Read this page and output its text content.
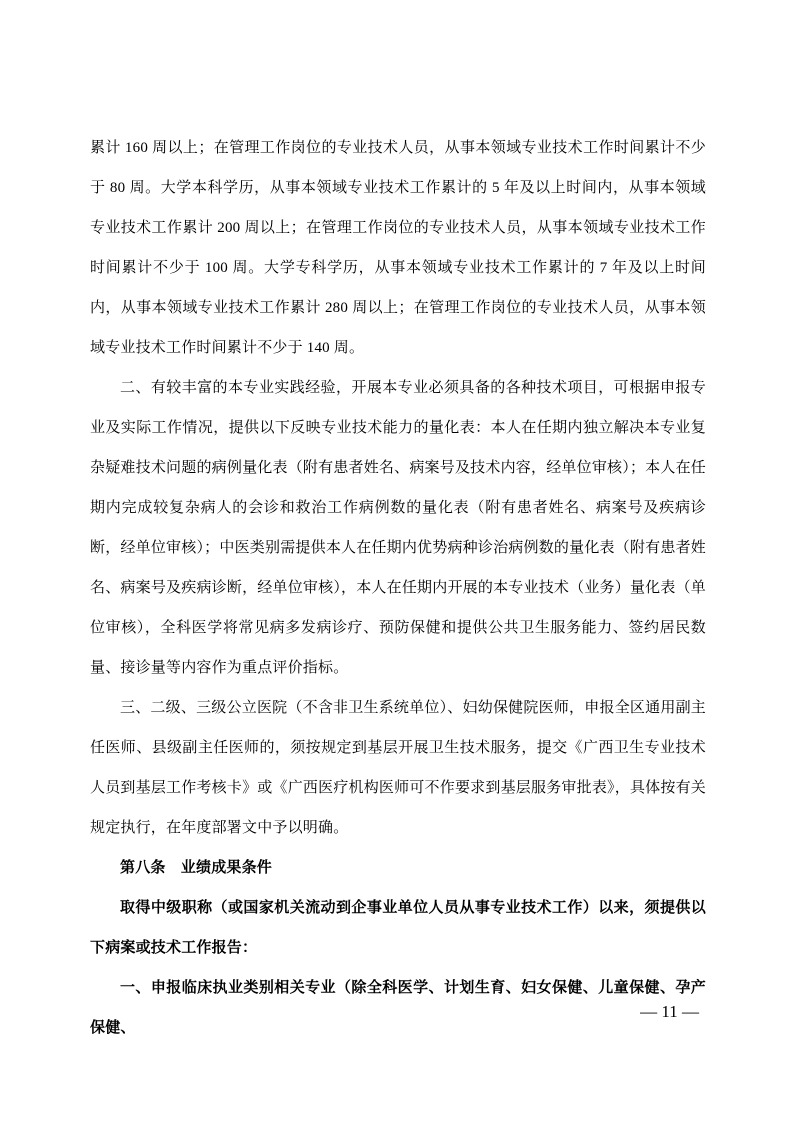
累计 160 周以上；在管理工作岗位的专业技术人员，从事本领域专业技术工作时间累计不少于 80 周。大学本科学历，从事本领域专业技术工作累计的 5 年及以上时间内，从事本领域专业技术工作累计 200 周以上；在管理工作岗位的专业技术人员，从事本领域专业技术工作时间累计不少于 100 周。大学专科学历，从事本领域专业技术工作累计的 7 年及以上时间内，从事本领域专业技术工作累计 280 周以上；在管理工作岗位的专业技术人员，从事本领域专业技术工作时间累计不少于 140 周。

二、有较丰富的本专业实践经验，开展本专业必须具备的各种技术项目，可根据申报专业及实际工作情况，提供以下反映专业技术能力的量化表：本人在任期内独立解决本专业复杂疑难技术问题的病例量化表（附有患者姓名、病案号及技术内容，经单位审核）；本人在任期内完成较复杂病人的会诊和救治工作病例数的量化表（附有患者姓名、病案号及疾病诊断，经单位审核）；中医类别需提供本人在任期内优势病种诊治病例数的量化表（附有患者姓名、病案号及疾病诊断，经单位审核），本人在任期内开展的本专业技术（业务）量化表（单位审核），全科医学将常见病多发病诊疗、预防保健和提供公共卫生服务能力、签约居民数量、接诊量等内容作为重点评价指标。

三、二级、三级公立医院（不含非卫生系统单位）、妇幼保健院医师，申报全区通用副主任医师、县级副主任医师的，须按规定到基层开展卫生技术服务，提交《广西卫生专业技术人员到基层工作考核卡》或《广西医疗机构医师可不作要求到基层服务审批表》，具体按有关规定执行，在年度部署文中予以明确。

第八条　业绩成果条件

取得中级职称（或国家机关流动到企事业单位人员从事专业技术工作）以来，须提供以下病案或技术工作报告：

一、申报临床执业类别相关专业（除全科医学、计划生育、妇女保健、儿童保健、孕产保健、

— 11 —
